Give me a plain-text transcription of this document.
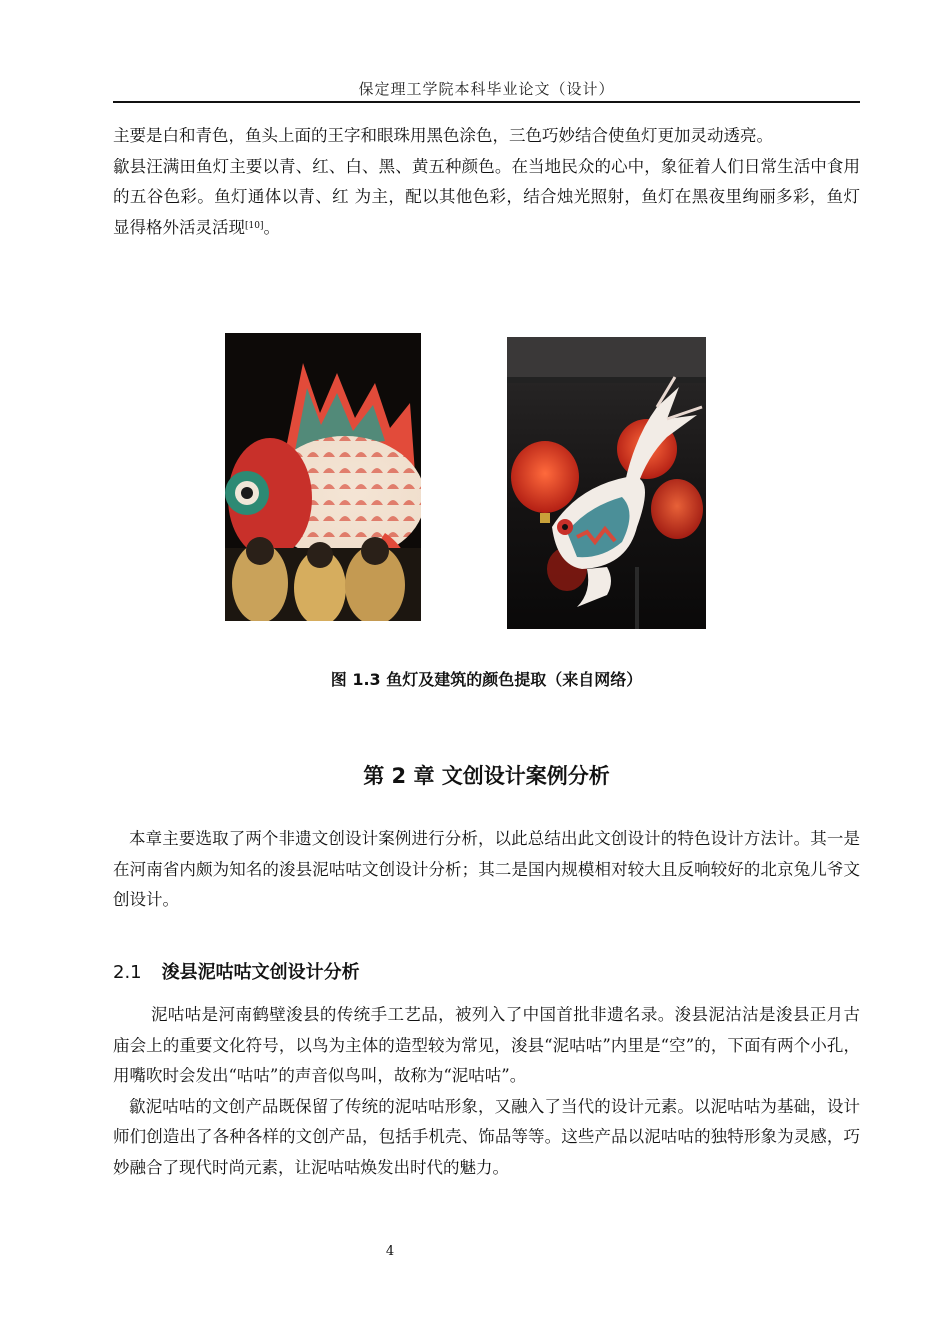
保定理工学院本科毕业论文（设计）

主要是白和青色，鱼头上面的王字和眼珠用黑色涂色，三色巧妙结合使鱼灯更加灵动透亮。

歙县汪满田鱼灯主要以青、红、白、黑、黄五种颜色。在当地民众的心中，象征着人们日常生活中食用的五谷色彩。鱼灯通体以青、红 为主，配以其他色彩，结合烛光照射，鱼灯在黑夜里绚丽多彩，鱼灯显得格外活灵活现[10]。

图 1.3 鱼灯及建筑的颜色提取（来自网络）
第 2 章 文创设计案例分析

本章主要选取了两个非遗文创设计案例进行分析，以此总结出此文创设计的特色设计方法计。其一是在河南省内颇为知名的浚县泥咕咕文创设计分析；其二是国内规模相对较大且反响较好的北京兔儿爷文创设计。

2.1 浚县泥咕咕文创设计分析

泥咕咕是河南鹤壁浚县的传统手工艺品，被列入了中国首批非遗名录。浚县泥沽沽是浚县正月古庙会上的重要文化符号，以鸟为主体的造型较为常见，浚县“泥咕咕”内里是“空”的，下面有两个小孔，用嘴吹时会发出“咕咕”的声音似鸟叫，故称为“泥咕咕”。

歙泥咕咕的文创产品既保留了传统的泥咕咕形象，又融入了当代的设计元素。以泥咕咕为基础，设计师们创造出了各种各样的文创产品，包括手机壳、饰品等等。这些产品以泥咕咕的独特形象为灵感，巧妙融合了现代时尚元素，让泥咕咕焕发出时代的魅力。

4
